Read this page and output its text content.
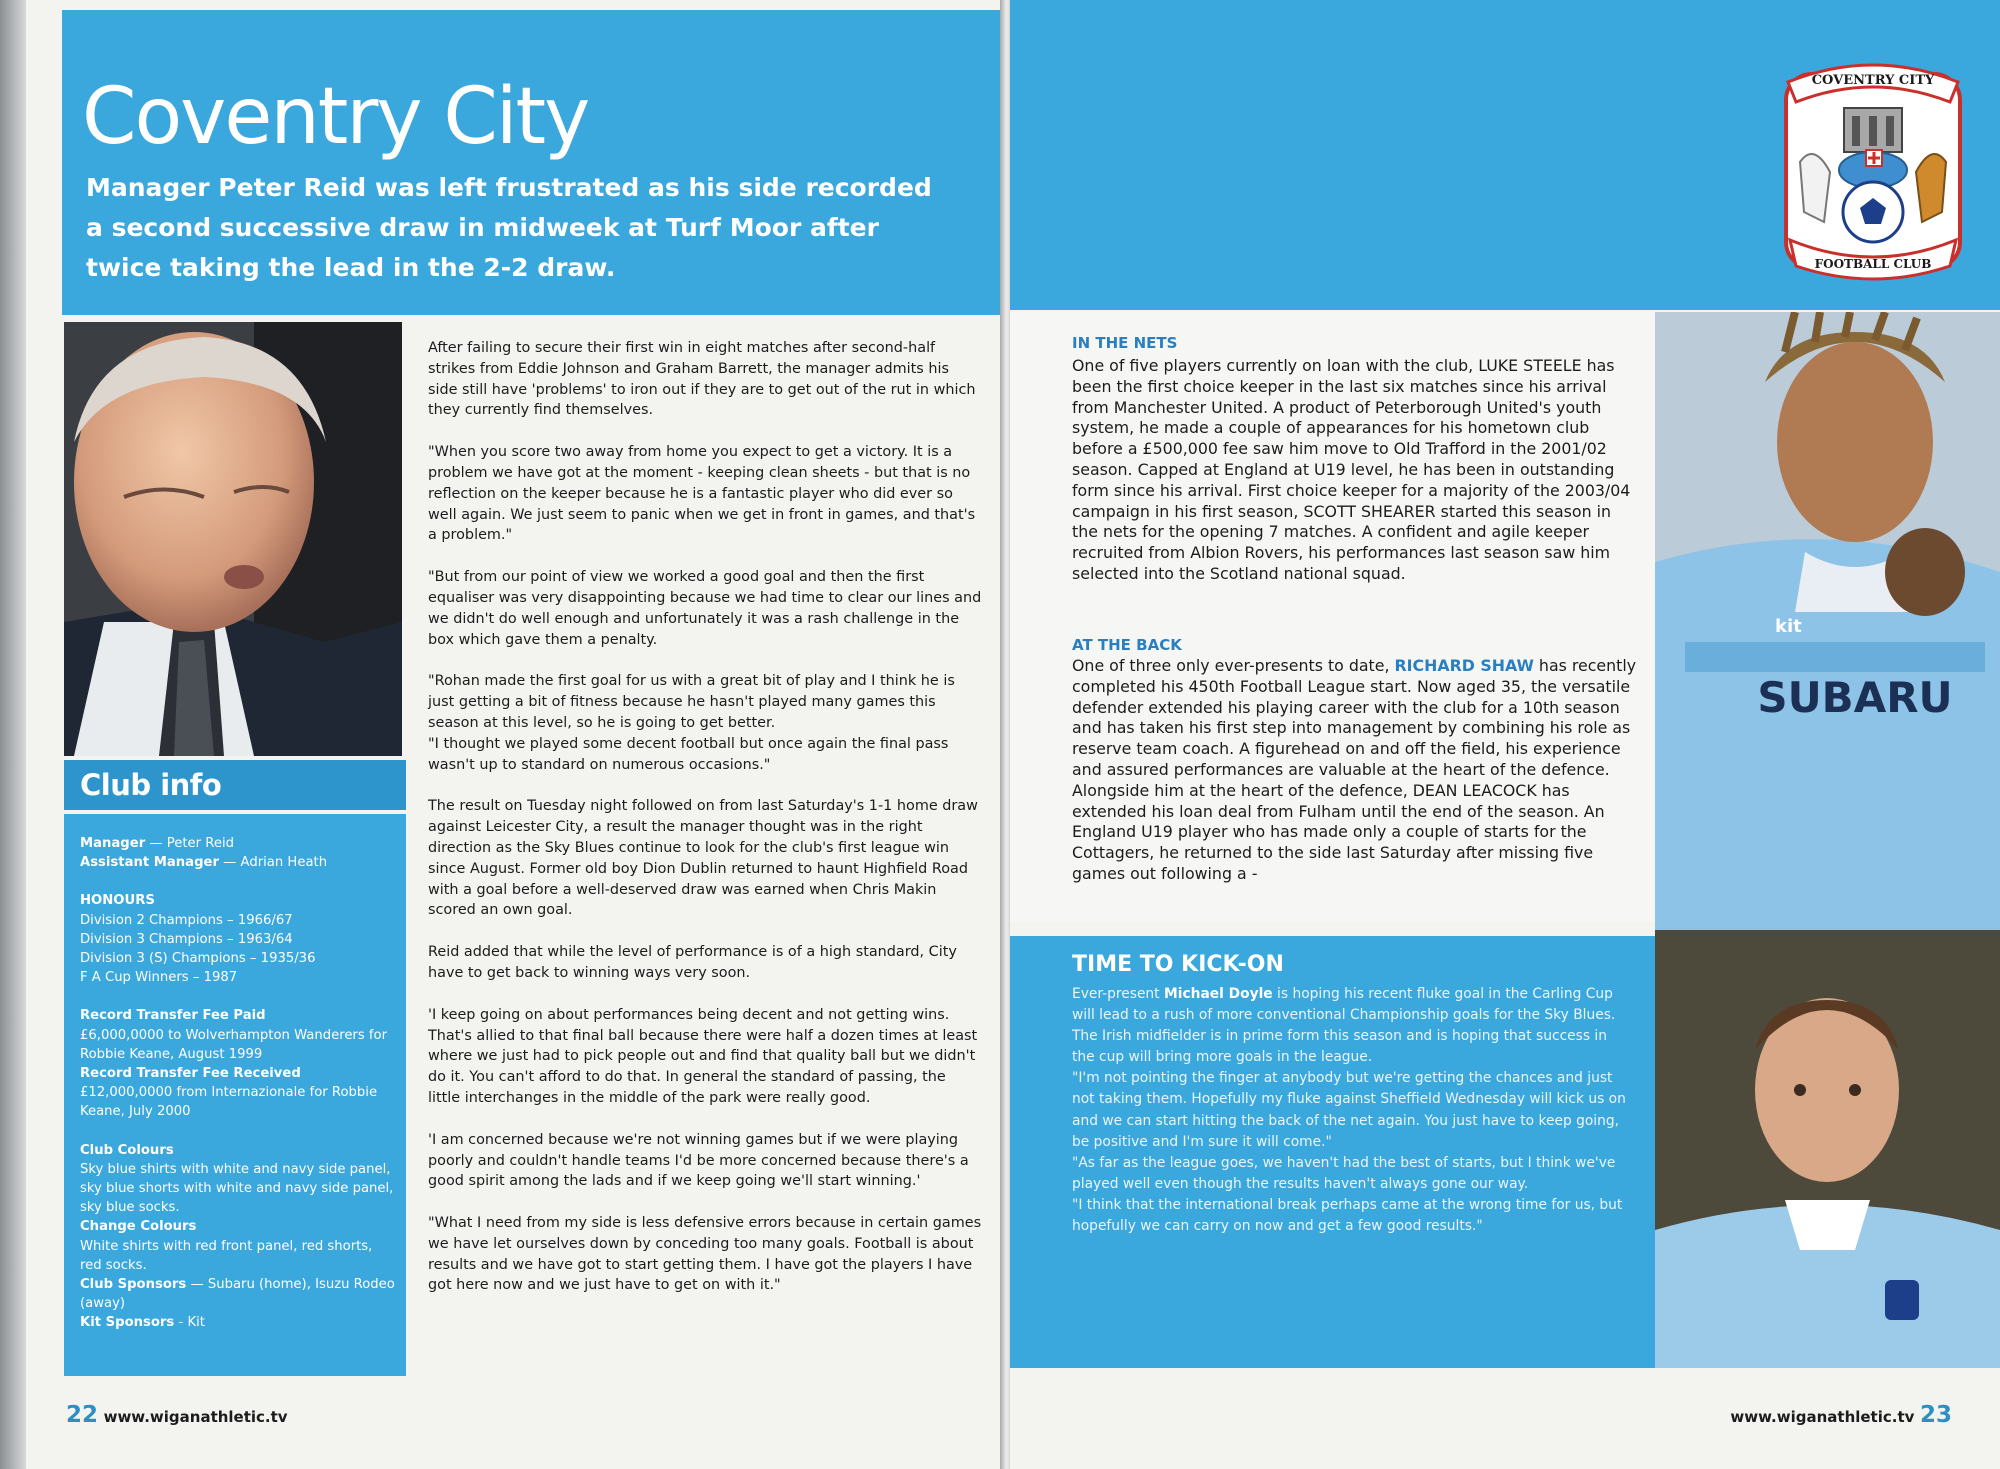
Coventry City

Manager Peter Reid was left frustrated as his side recorded a second successive draw in midweek at Turf Moor after twice taking the lead in the 2-2 draw.

Club info
Manager — Peter Reid
Assistant Manager — Adrian Heath
HONOURS
Division 2 Champions – 1966/67
Division 3 Champions – 1963/64
Division 3 (S) Champions – 1935/36
F A Cup Winners – 1987
Record Transfer Fee Paid
£6,000,0000 to Wolverhampton Wanderers for Robbie Keane, August 1999
Record Transfer Fee Received
£12,000,0000 from Internazionale for Robbie Keane, July 2000
Club Colours
Sky blue shirts with white and navy side panel, sky blue shorts with white and navy side panel, sky blue socks.
Change Colours
White shirts with red front panel, red shorts, red socks.
Club Sponsors — Subaru (home), Isuzu Rodeo (away)
Kit Sponsors - Kit

After failing to secure their first win in eight matches after second-half strikes from Eddie Johnson and Graham Barrett, the manager admits his side still have 'problems' to iron out if they are to get out of the rut in which they currently find themselves.

"When you score two away from home you expect to get a victory. It is a problem we have got at the moment - keeping clean sheets - but that is no reflection on the keeper because he is a fantastic player who did ever so well again. We just seem to panic when we get in front in games, and that's a problem."

"But from our point of view we worked a good goal and then the first equaliser was very disappointing because we had time to clear our lines and we didn't do well enough and unfortunately it was a rash challenge in the box which gave them a penalty.

"Rohan made the first goal for us with a great bit of play and I think he is just getting a bit of fitness because he hasn't played many games this season at this level, so he is going to get better.
"I thought we played some decent football but once again the final pass wasn't up to standard on numerous occasions."

The result on Tuesday night followed on from last Saturday's 1-1 home draw against Leicester City, a result the manager thought was in the right direction as the Sky Blues continue to look for the club's first league win since August. Former old boy Dion Dublin returned to haunt Highfield Road with a goal before a well-deserved draw was earned when Chris Makin scored an own goal.

Reid added that while the level of performance is of a high standard, City have to get back to winning ways very soon.

'I keep going on about performances being decent and not getting wins. That's allied to that final ball because there were half a dozen times at least where we just had to pick people out and find that quality ball but we didn't do it. You can't afford to do that. In general the standard of passing, the little interchanges in the middle of the park were really good.

'I am concerned because we're not winning games but if we were playing poorly and couldn't handle teams I'd be more concerned because there's a good spirit among the lads and if we keep going we'll start winning.'

"What I need from my side is less defensive errors because in certain games we have let ourselves down by conceding too many goals. Football is about results and we have got to start getting them. I have got the players I have got here now and we just have to get on with it."

22 www.wiganathletic.tv
COVENTRY CITY
FOOTBALL CLUB
IN THE NETS

One of five players currently on loan with the club, LUKE STEELE has been the first choice keeper in the last six matches since his arrival from Manchester United. A product of Peterborough United's youth system, he made a couple of appearances for his hometown club before a £500,000 fee saw him move to Old Trafford in the 2001/02 season. Capped at England at U19 level, he has been in outstanding form since his arrival. First choice keeper for a majority of the 2003/04 campaign in his first season, SCOTT SHEARER started this season in the nets for the opening 7 matches. A confident and agile keeper recruited from Albion Rovers, his performances last season saw him selected into the Scotland national squad.

AT THE BACK

One of three only ever-presents to date, RICHARD SHAW has recently completed his 450th Football League start. Now aged 35, the versatile defender extended his playing career with the club for a 10th season and has taken his first step into management by combining his role as reserve team coach. A figurehead on and off the field, his experience and assured performances are valuable at the heart of the defence. Alongside him at the heart of the defence, DEAN LEACOCK has extended his loan deal from Fulham until the end of the season. An England U19 player who has made only a couple of starts for the Cottagers, he returned to the side last Saturday after missing five games out following a -

SUBARU
kit
TIME TO KICK-ON

Ever-present Michael Doyle is hoping his recent fluke goal in the Carling Cup will lead to a rush of more conventional Championship goals for the Sky Blues.
The Irish midfielder is in prime form this season and is hoping that success in the cup will bring more goals in the league.
"I'm not pointing the finger at anybody but we're getting the chances and just not taking them. Hopefully my fluke against Sheffield Wednesday will kick us on and we can start hitting the back of the net again. You just have to keep going, be positive and I'm sure it will come."
"As far as the league goes, we haven't had the best of starts, but I think we've played well even though the results haven't always gone our way.
"I think that the international break perhaps came at the wrong time for us, but hopefully we can carry on now and get a few good results."

www.wiganathletic.tv 23
